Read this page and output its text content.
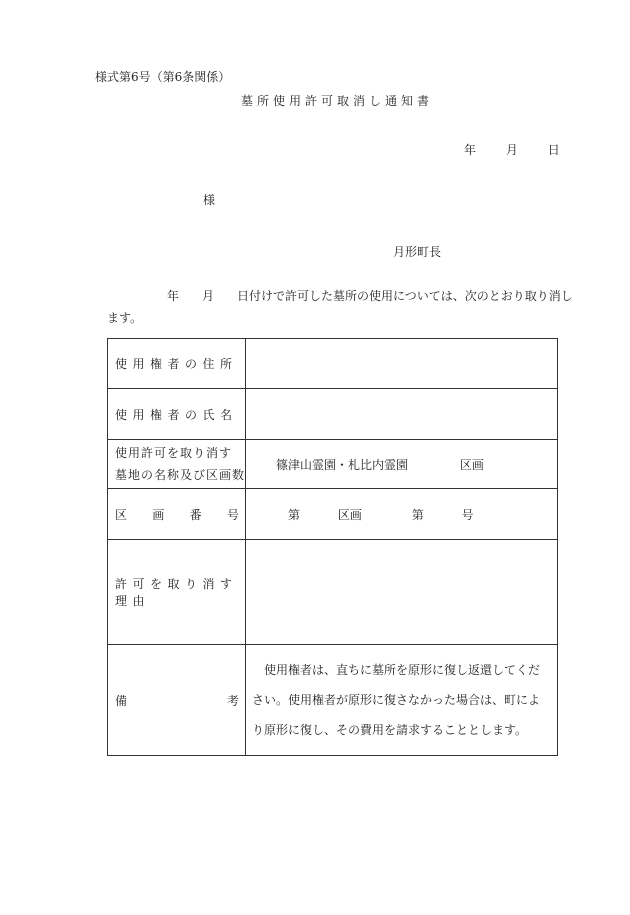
様式第6号（第6条関係）
墓所使用許可取消し通知書
年 月 日
様
月形町長
年 月 日付けで許可した墓所の使用については、次のとおり取り消し
ます。
使用権者の住所	
使用権者の氏名	

使用許可を取り消す
墓地の名称及び区画数	篠津山霊園・札比内霊園 区画

区 画 番 号	第 区画 第 号
許可を取り消す理由	

備 考	使用権者は、直ちに墓所を原形に復し返還してください。使用権者が原形に復さなかった場合は、町により原形に復し、その費用を請求することとします。
